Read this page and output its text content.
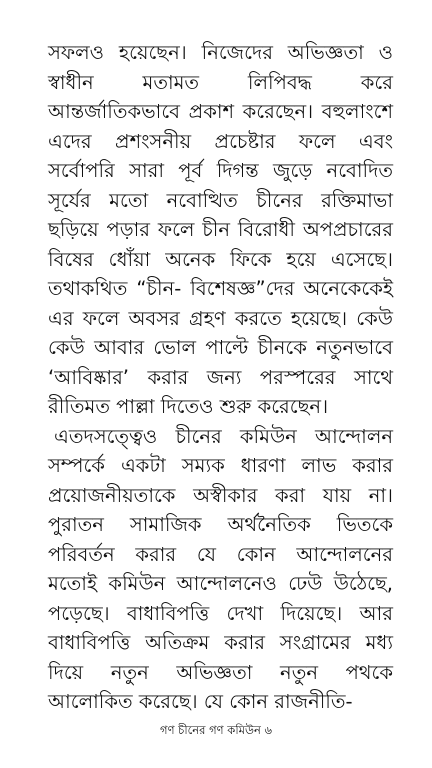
সফলও হয়েছেন। নিজেদের অভিজ্ঞতা ও
স্বাধীন মতামত লিপিবদ্ধ করে
আন্তর্জাতিকভাবে প্রকাশ করেছেন। বহুলাংশে
এদের প্রশংসনীয় প্রচেষ্টার ফলে এবং
সর্বোপরি সারা পূর্ব দিগন্ত জুড়ে নবোদিত
সূর্যের মতো নবোত্থিত চীনের রক্তিমাভা
ছড়িয়ে পড়ার ফলে চীন বিরোধী অপপ্রচারের
বিষের ধোঁয়া অনেক ফিকে হয়ে এসেছে।
তথাকথিত “চীন- বিশেষজ্ঞ”দের অনেকেকেই
এর ফলে অবসর গ্রহণ করতে হয়েছে। কেউ
কেউ আবার ভোল পাল্টে চীনকে নতুনভাবে
‘আবিষ্কার’ করার জন্য পরস্পরের সাথে
রীতিমত পাল্লা দিতেও শুরু করেছেন।
এতদসত্ত্বেও চীনের কমিউন আন্দোলন
সম্পর্কে একটা সম্যক ধারণা লাভ করার
প্রয়োজনীয়তাকে অস্বীকার করা যায় না।
পুরাতন সামাজিক অর্থনৈতিক ভিতকে
পরিবর্তন করার যে কোন আন্দোলনের
মতোই কমিউন আন্দোলনেও ঢেউ উঠেছে,
পড়েছে। বাধাবিপত্তি দেখা দিয়েছে। আর
বাধাবিপত্তি অতিক্রম করার সংগ্রামের মধ্য
দিয়ে নতুন অভিজ্ঞতা নতুন পথকে
আলোকিত করেছে। যে কোন রাজনীতি-
গণ চীনের গণ কমিউন ৬
